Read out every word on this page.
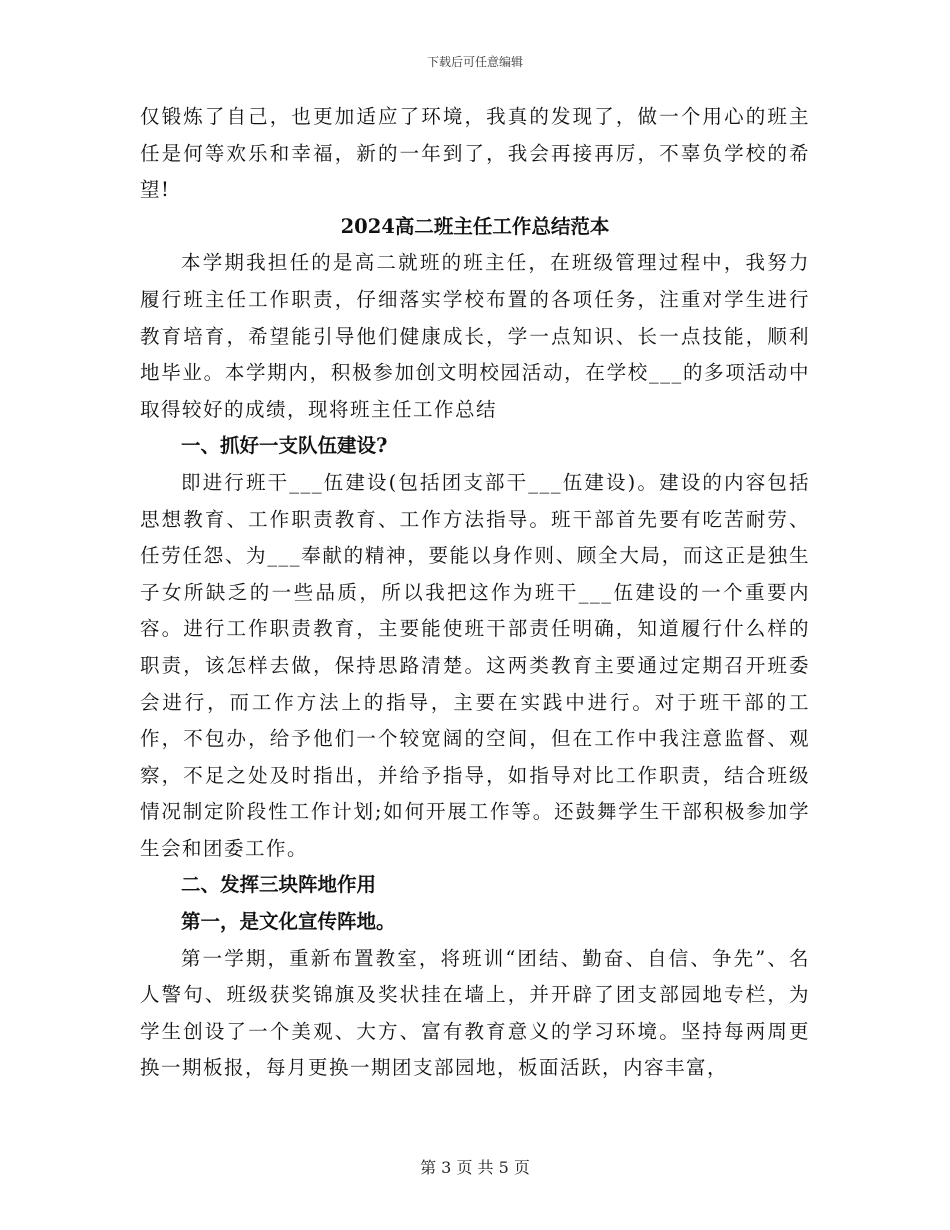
下载后可任意编辑

仅锻炼了自己，也更加适应了环境，我真的发现了，做一个用心的班主任是何等欢乐和幸福，新的一年到了，我会再接再厉，不辜负学校的希望!

2024高二班主任工作总结范本

本学期我担任的是高二就班的班主任，在班级管理过程中，我努力履行班主任工作职责，仔细落实学校布置的各项任务，注重对学生进行教育培育，希望能引导他们健康成长，学一点知识、长一点技能，顺利地毕业。本学期内，积极参加创文明校园活动，在学校___的多项活动中取得较好的成绩，现将班主任工作总结

一、抓好一支队伍建设?

即进行班干___伍建设(包括团支部干___伍建设)。建设的内容包括思想教育、工作职责教育、工作方法指导。班干部首先要有吃苦耐劳、任劳任怨、为___奉献的精神，要能以身作则、顾全大局，而这正是独生子女所缺乏的一些品质，所以我把这作为班干___伍建设的一个重要内容。进行工作职责教育，主要能使班干部责任明确，知道履行什么样的职责，该怎样去做，保持思路清楚。这两类教育主要通过定期召开班委会进行，而工作方法上的指导，主要在实践中进行。对于班干部的工作，不包办，给予他们一个较宽阔的空间，但在工作中我注意监督、观察，不足之处及时指出，并给予指导，如指导对比工作职责，结合班级情况制定阶段性工作计划;如何开展工作等。还鼓舞学生干部积极参加学生会和团委工作。

二、发挥三块阵地作用

第一，是文化宣传阵地。

第一学期，重新布置教室，将班训“团结、勤奋、自信、争先”、名人警句、班级获奖锦旗及奖状挂在墙上，并开辟了团支部园地专栏，为学生创设了一个美观、大方、富有教育意义的学习环境。坚持每两周更换一期板报，每月更换一期团支部园地，板面活跃，内容丰富，

第 3 页 共 5 页
